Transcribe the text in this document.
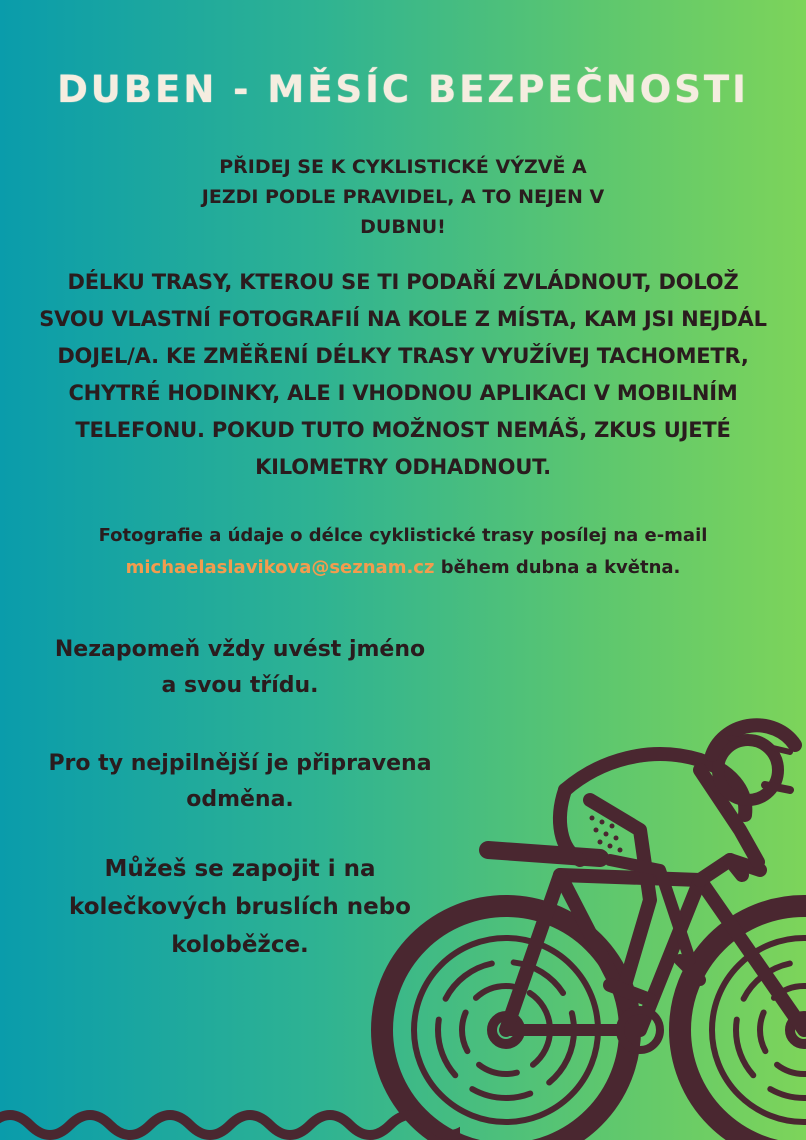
DUBEN - MĚSÍC BEZPEČNOSTI
PŘIDEJ SE K CYKLISTICKÉ VÝZVĚ A
JEZDI PODLE PRAVIDEL, A TO NEJEN V
DUBNU!
DÉLKU TRASY, KTEROU SE TI PODAŘÍ ZVLÁDNOUT, DOLOŽ
SVOU VLASTNÍ FOTOGRAFIÍ NA KOLE Z MÍSTA, KAM JSI NEJDÁL
DOJEL/A. KE ZMĚŘENÍ DÉLKY TRASY VYUŽÍVEJ TACHOMETR,
CHYTRÉ HODINKY, ALE I VHODNOU APLIKACI V MOBILNÍM
TELEFONU. POKUD TUTO MOŽNOST NEMÁŠ, ZKUS UJETÉ
KILOMETRY ODHADNOUT.
Fotografie a údaje o délce cyklistické trasy posílej na e-mail
michaelaslavikova@seznam.cz během dubna a května.
Nezapomeň vždy uvést jméno
a svou třídu.
Pro ty nejpilnější je připravena
odměna.
Můžeš se zapojit i na
kolečkových bruslích nebo
koloběžce.
